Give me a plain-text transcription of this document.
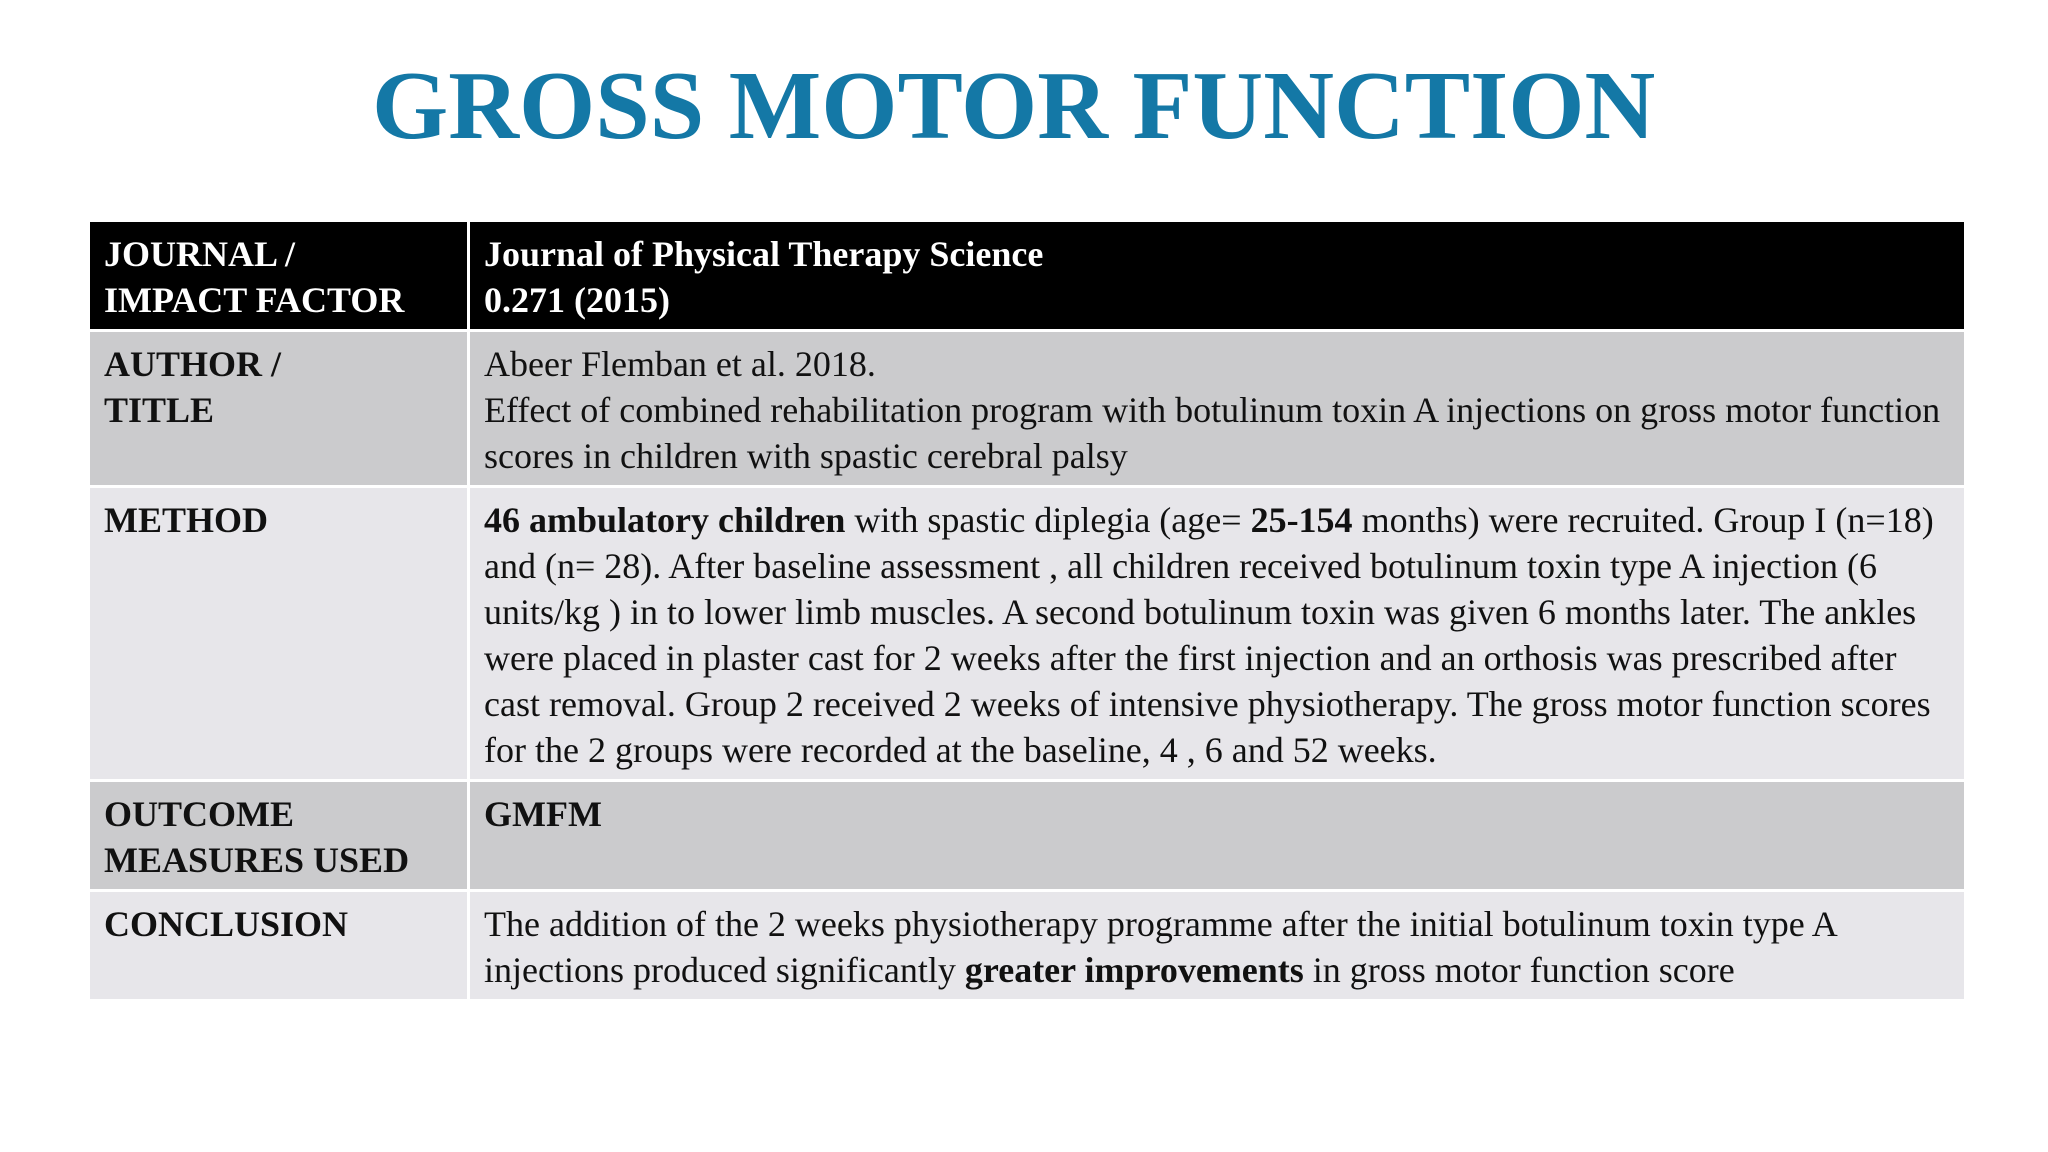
GROSS MOTOR FUNCTION
JOURNAL /
IMPACT FACTOR	Journal of Physical Therapy Science
0.271 (2015)
AUTHOR /
TITLE	Abeer Flemban et al. 2018.
Effect of combined rehabilitation program with botulinum toxin A injections on gross motor function scores in children with spastic cerebral palsy
METHOD	46 ambulatory children with spastic diplegia (age= 25-154 months) were recruited. Group I (n=18) and (n= 28). After baseline assessment , all children received botulinum toxin type A injection (6 units/kg ) in to lower limb muscles. A second botulinum toxin was given 6 months later. The ankles were placed in plaster cast for 2 weeks after the first injection and an orthosis was prescribed after cast removal. Group 2 received 2 weeks of intensive physiotherapy. The gross motor function scores for the 2 groups were recorded at the baseline, 4 , 6 and 52 weeks.
OUTCOME
MEASURES USED	GMFM
CONCLUSION	The addition of the 2 weeks physiotherapy programme after the initial botulinum toxin type A injections produced significantly greater improvements in gross motor function score
